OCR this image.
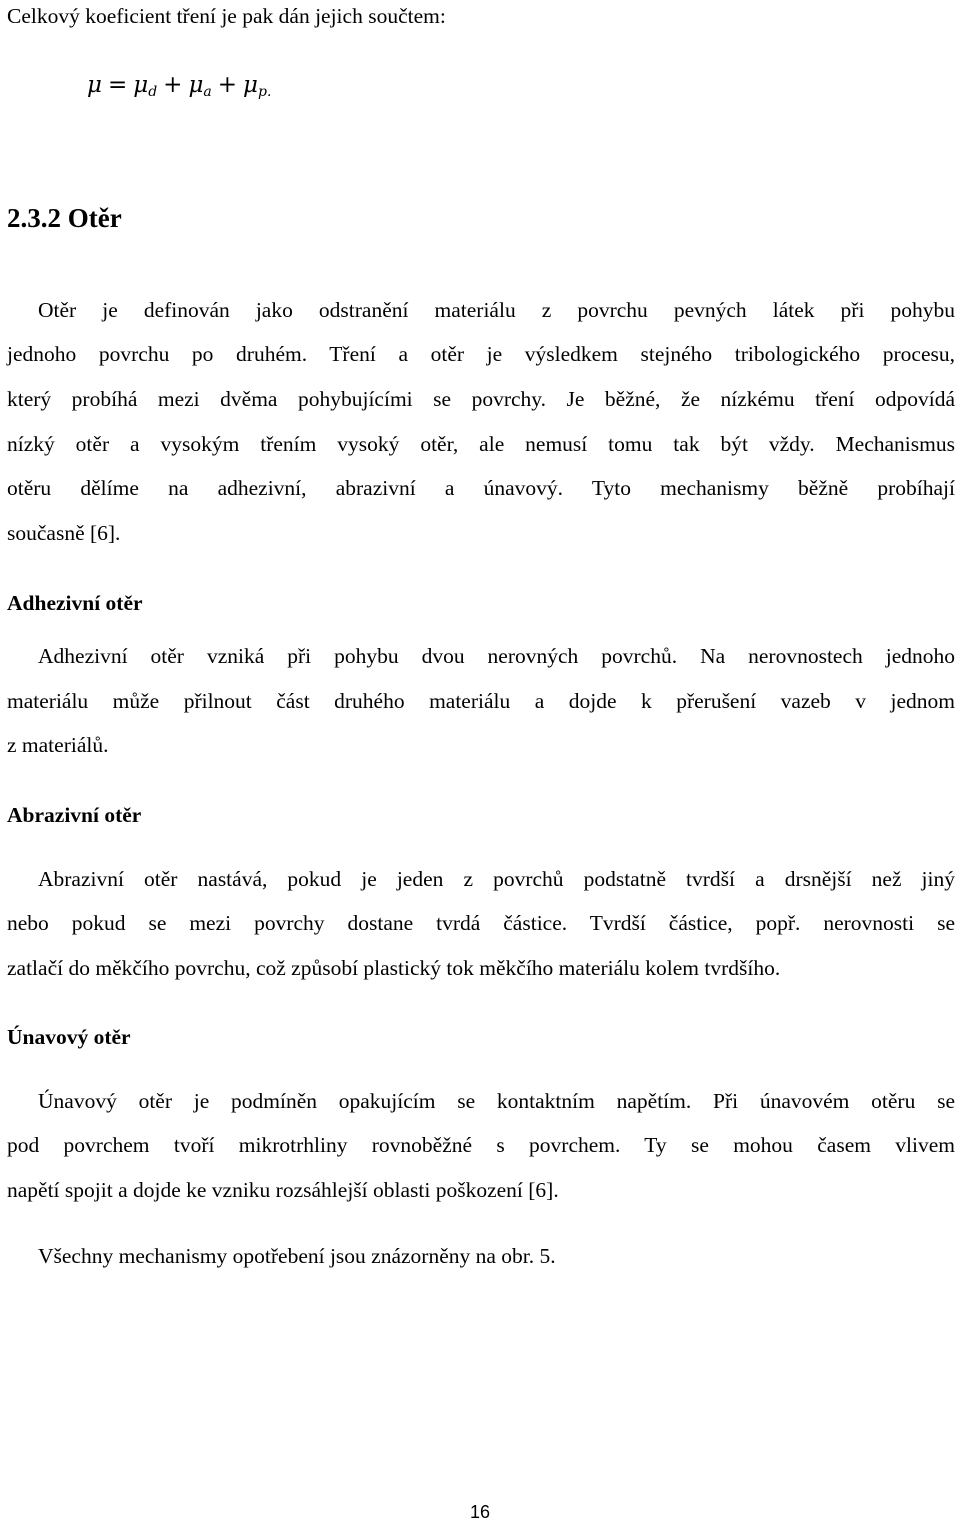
Celkový koeficient tření je pak dán jejich součtem:
$\mu = \mu_d + \mu_a + \mu_{p.}$
2.3.2 Otěr
Otěr je definován jako odstranění materiálu z povrchu pevných látek při pohybu
jednoho povrchu po druhém. Tření a otěr je výsledkem stejného tribologického procesu,
který probíhá mezi dvěma pohybujícími se povrchy. Je běžné, že nízkému tření odpovídá
nízký otěr a vysokým třením vysoký otěr, ale nemusí tomu tak být vždy. Mechanismus
otěru dělíme na adhezivní, abrazivní a únavový. Tyto mechanismy běžně probíhají
současně [6].
Adhezivní otěr
Adhezivní otěr vzniká při pohybu dvou nerovných povrchů. Na nerovnostech jednoho
materiálu může přilnout část druhého materiálu a dojde k přerušení vazeb v jednom
z materiálů.
Abrazivní otěr
Abrazivní otěr nastává, pokud je jeden z povrchů podstatně tvrdší a drsnější než jiný
nebo pokud se mezi povrchy dostane tvrdá částice. Tvrdší částice, popř. nerovnosti se
zatlačí do měkčího povrchu, což způsobí plastický tok měkčího materiálu kolem tvrdšího.
Únavový otěr
Únavový otěr je podmíněn opakujícím se kontaktním napětím. Při únavovém otěru se
pod povrchem tvoří mikrotrhliny rovnoběžné s povrchem. Ty se mohou časem vlivem
napětí spojit a dojde ke vzniku rozsáhlejší oblasti poškození [6].
Všechny mechanismy opotřebení jsou znázorněny na obr. 5.
16
